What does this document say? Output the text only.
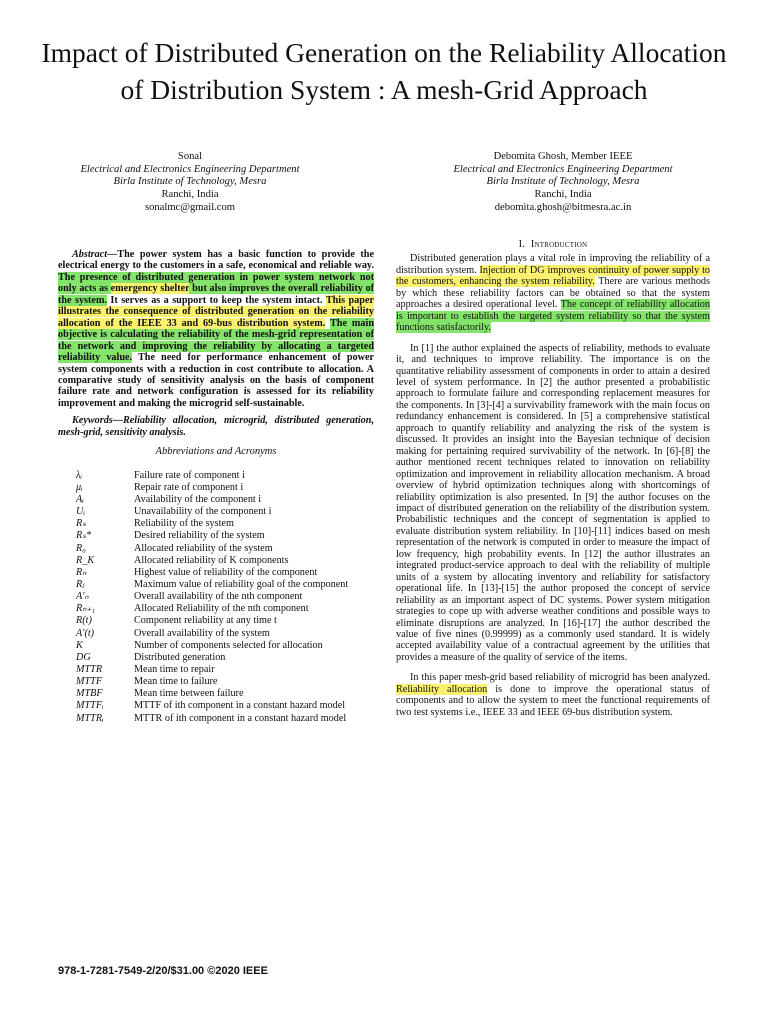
Impact of Distributed Generation on the Reliability Allocation of Distribution System : A mesh-Grid Approach
Sonal
Electrical and Electronics Engineering Department
Birla Institute of Technology, Mesra
Ranchi, India
sonalmc@gmail.com
Debomita Ghosh, Member IEEE
Electrical and Electronics Engineering Department
Birla Institute of Technology, Mesra
Ranchi, India
debomita.ghosh@bitmesra.ac.in

Abstract—The power system has a basic function to provide the electrical energy to the customers in a safe, economical and reliable way. The presence of distributed generation in power system network not only acts as emergency shelter but also improves the overall reliability of the system. It serves as a support to keep the system intact. This paper illustrates the consequence of distributed generation on the reliability allocation of the IEEE 33 and 69-bus distribution system. The main objective is calculating the reliability of the mesh-grid representation of the network and improving the reliability by allocating a targeted reliability value. The need for performance enhancement of power system components with a reduction in cost contribute to allocation. A comparative study of sensitivity analysis on the basis of component failure rate and network configuration is assessed for its reliability improvement and making the microgrid self-sustainable.

Keywords—Reliability allocation, microgrid, distributed generation, mesh-grid, sensitivity analysis.

Abbreviations and Acronyms
λᵢ	Failure rate of component i
μᵢ	Repair rate of component i
Aᵢ	Availability of the component i
Uᵢ	Unavailability of the component i
Rₛ	Reliability of the system
Rₛ*	Desired reliability of the system
R₀	Allocated reliability of the system
R_K	Allocated reliability of K components
Rₙ	Highest value of reliability of the component
Rⱼ	Maximum value of reliability goal of the component
A′ₙ	Overall availability of the nth component
Rₙ₊₁	Allocated Reliability of the nth component
R(t)	Component reliability at any time t
A′(t)	Overall availability of the system
K	Number of components selected for allocation
DG	Distributed generation
MTTR	Mean time to repair
MTTF	Mean time to failure
MTBF	Mean time between failure
MTTFᵢ	MTTF of ith component in a constant hazard model
MTTRᵢ	MTTR of ith component in a constant hazard model
I. Introduction

Distributed generation plays a vital role in improving the reliability of a distribution system. Injection of DG improves continuity of power supply to the customers, enhancing the system reliability. There are various methods by which these reliability factors can be obtained so that the system approaches a desired operational level. The concept of reliability allocation is important to establish the targeted system reliability so that the system functions satisfactorily.

In [1] the author explained the aspects of reliability, methods to evaluate it, and techniques to improve reliability. The importance is on the quantitative reliability assessment of components in order to attain a desired level of system performance. In [2] the author presented a probabilistic approach to formulate failure and corresponding replacement measures for the components. In [3]-[4] a survivability framework with the main focus on redundancy enhancement is considered. In [5] a comprehensive statistical approach to quantify reliability and analyzing the risk of the system is discussed. It provides an insight into the Bayesian technique of decision making for pertaining required survivability of the network. In [6]-[8] the author mentioned recent techniques related to innovation on reliability optimization and improvement in reliability allocation mechanism. A broad overview of hybrid optimization techniques along with shortcomings of reliability optimization is also presented. In [9] the author focuses on the impact of distributed generation on the reliability of the distribution system. Probabilistic techniques and the concept of segmentation is applied to evaluate distribution system reliability. In [10]-[11] indices based on mesh representation of the network is computed in order to measure the impact of low frequency, high probability events. In [12] the author illustrates an integrated product-service approach to deal with the reliability of multiple units of a system by allocating inventory and reliability for satisfactory operational life. In [13]-[15] the author proposed the concept of service reliability as an important aspect of DC systems. Power system mitigation strategies to cope up with adverse weather conditions and possible ways to eliminate disruptions are analyzed. In [16]-[17] the author described the value of five nines (0.99999) as a commonly used standard. It is widely accepted availability value of a contractual agreement by the utilities that provides a measure of the quality of service of the items.

In this paper mesh-grid based reliability of microgrid has been analyzed. Reliability allocation is done to improve the operational status of components and to allow the system to meet the functional requirements of two test systems i.e., IEEE 33 and IEEE 69-bus distribution system.

978-1-7281-7549-2/20/$31.00 ©2020 IEEE
